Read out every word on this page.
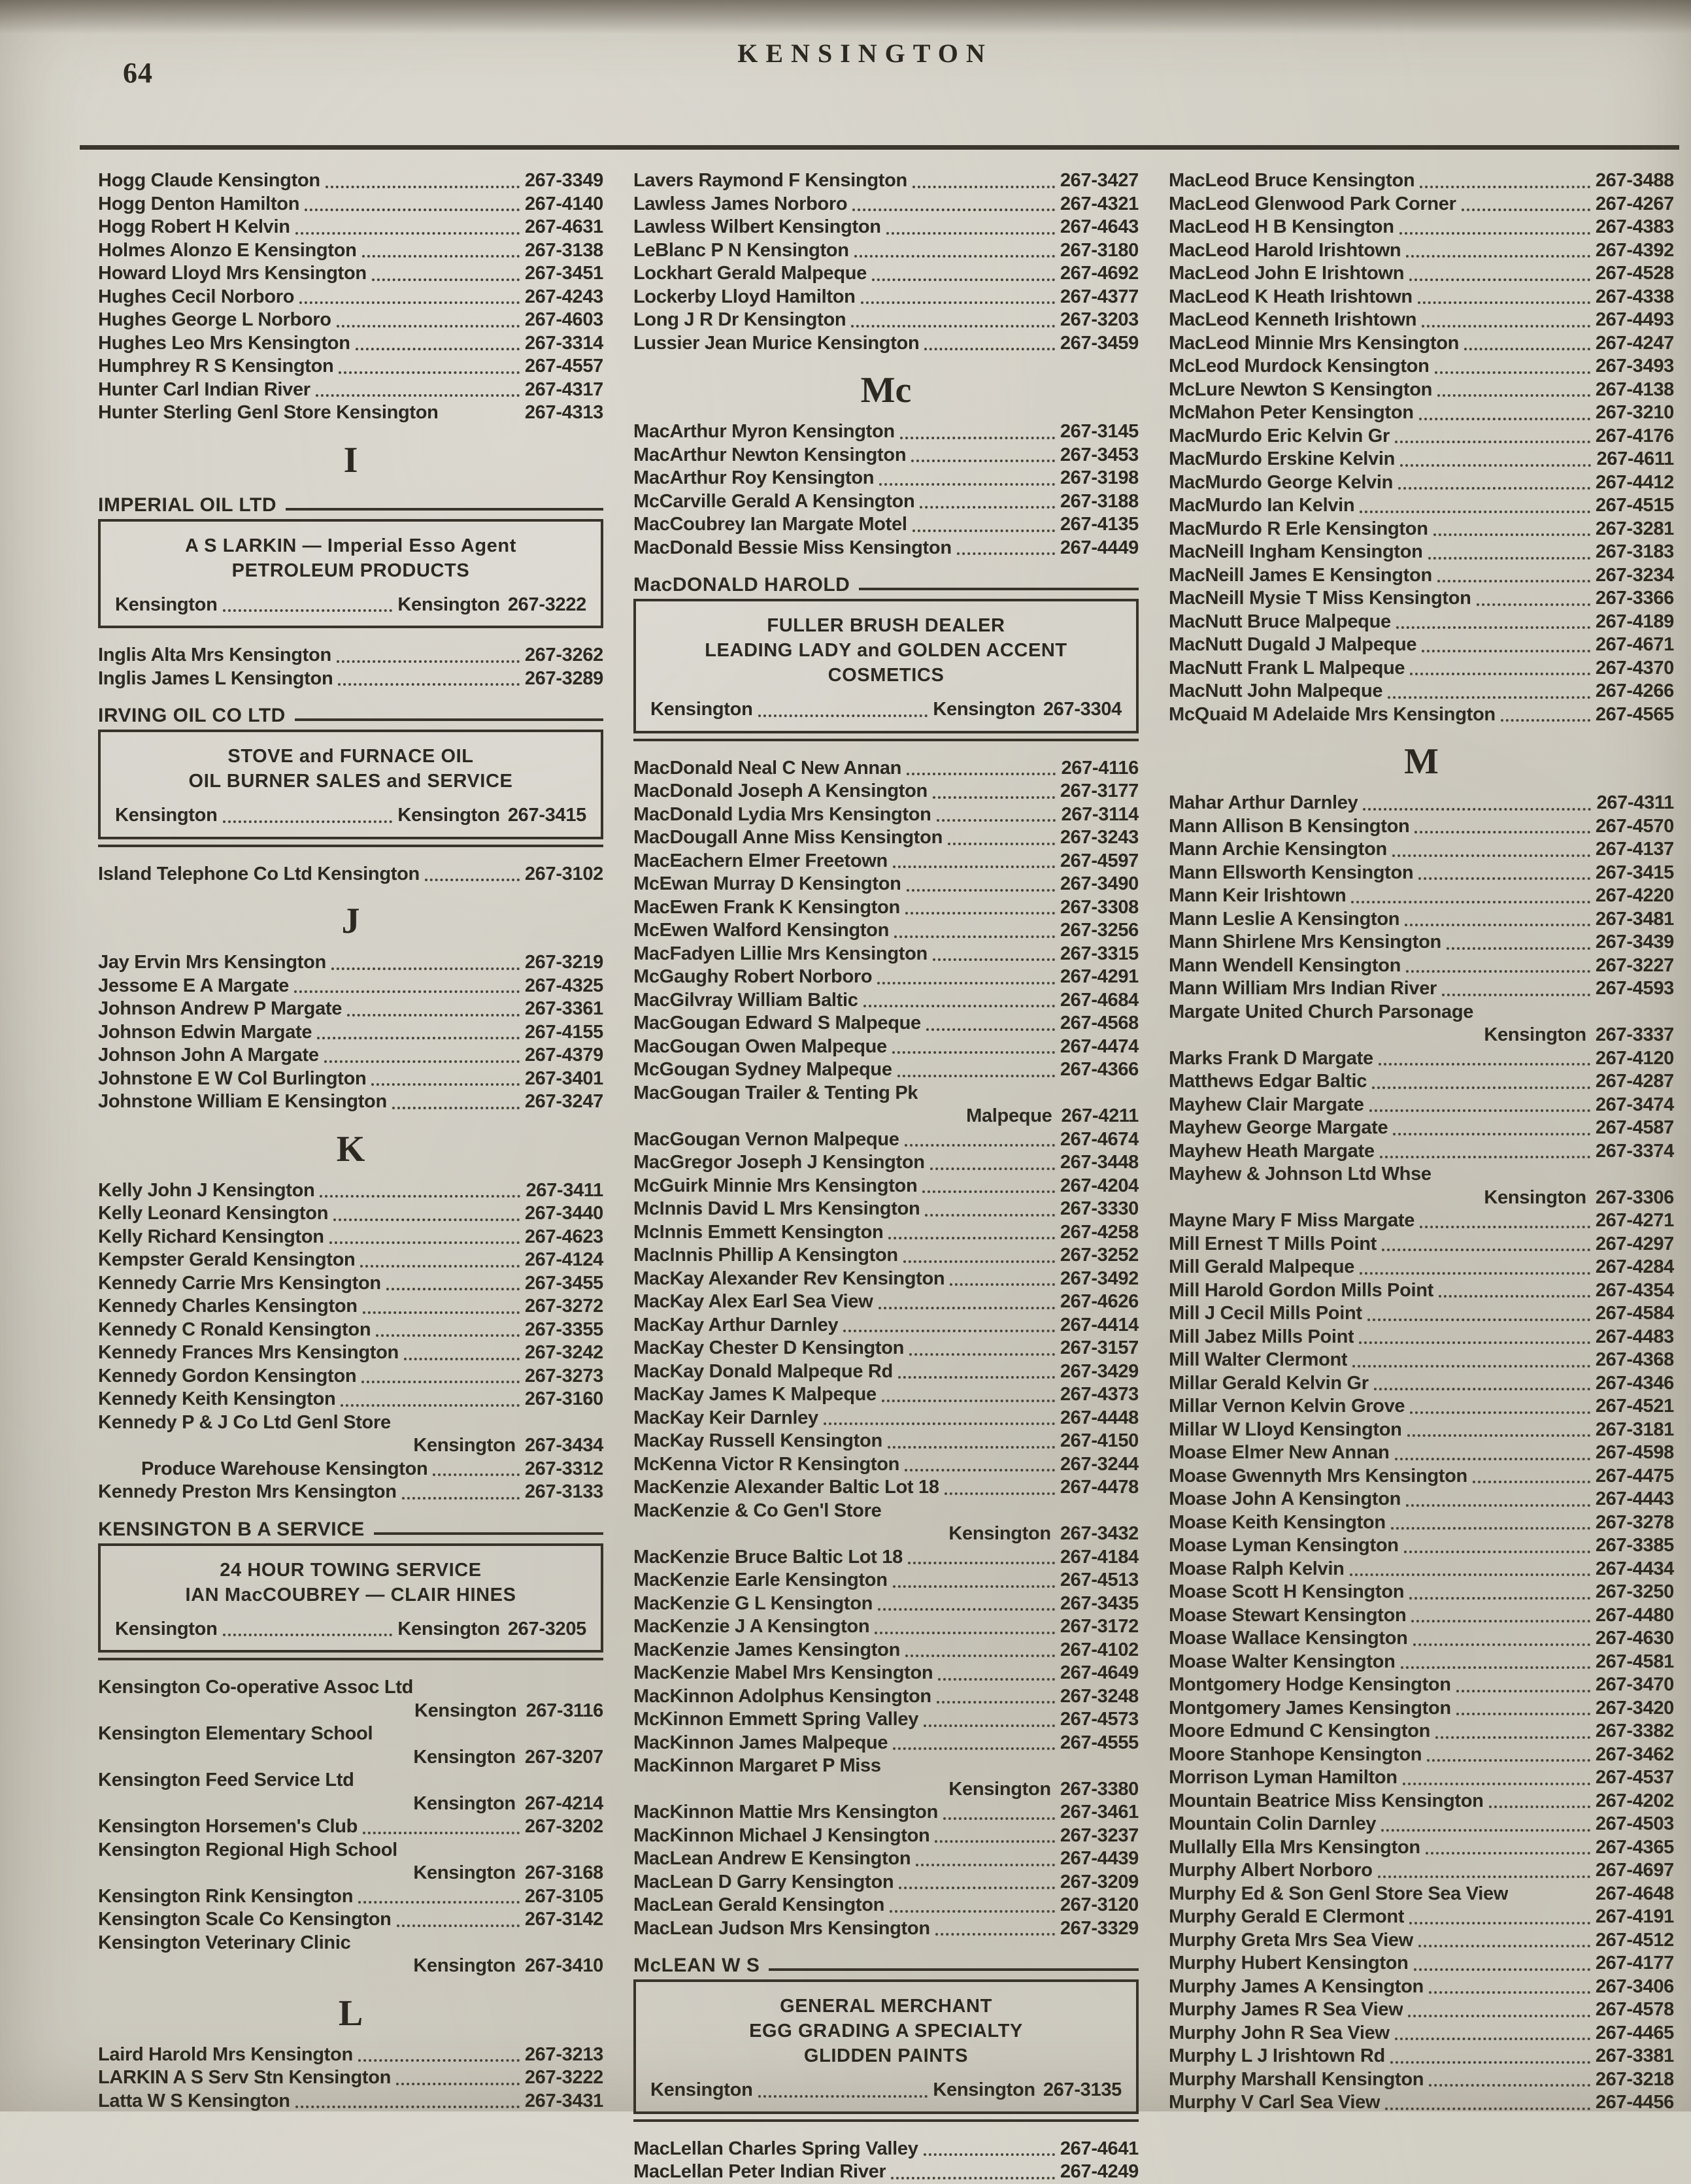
64
KENSINGTON
Hogg Claude Kensington	267-3349
Hogg Denton Hamilton	267-4140
Hogg Robert H Kelvin	267-4631
Holmes Alonzo E Kensington	267-3138
Howard Lloyd Mrs Kensington	267-3451
Hughes Cecil Norboro	267-4243
Hughes George L Norboro	267-4603
Hughes Leo Mrs Kensington	267-3314
Humphrey R S Kensington	267-4557
Hunter Carl Indian River	267-4317
Hunter Sterling Genl Store Kensington	267-4313
I
IMPERIAL OIL LTD
A S LARKIN — Imperial Esso Agent
PETROLEUM PRODUCTS
Kensington	Kensington 267-3222
Inglis Alta Mrs Kensington	267-3262
Inglis James L Kensington	267-3289
IRVING OIL CO LTD
STOVE and FURNACE OIL
OIL BURNER SALES and SERVICE
Kensington	Kensington 267-3415
Island Telephone Co Ltd Kensington	267-3102
J
Jay Ervin Mrs Kensington	267-3219
Jessome E A Margate	267-4325
Johnson Andrew P Margate	267-3361
Johnson Edwin Margate	267-4155
Johnson John A Margate	267-4379
Johnstone E W Col Burlington	267-3401
Johnstone William E Kensington	267-3247
K
Kelly John J Kensington	267-3411
Kelly Leonard Kensington	267-3440
Kelly Richard Kensington	267-4623
Kempster Gerald Kensington	267-4124
Kennedy Carrie Mrs Kensington	267-3455
Kennedy Charles Kensington	267-3272
Kennedy C Ronald Kensington	267-3355
Kennedy Frances Mrs Kensington	267-3242
Kennedy Gordon Kensington	267-3273
Kennedy Keith Kensington	267-3160
Kennedy P & J Co Ltd Genl Store
Kensington 267-3434
Produce Warehouse Kensington	267-3312
Kennedy Preston Mrs Kensington	267-3133
KENSINGTON B A SERVICE
24 HOUR TOWING SERVICE
IAN MacCOUBREY — CLAIR HINES
Kensington	Kensington 267-3205
Kensington Co-operative Assoc Ltd
Kensington 267-3116
Kensington Elementary School
Kensington 267-3207
Kensington Feed Service Ltd
Kensington 267-4214
Kensington Horsemen's Club	267-3202
Kensington Regional High School
Kensington 267-3168
Kensington Rink Kensington	267-3105
Kensington Scale Co Kensington	267-3142
Kensington Veterinary Clinic
Kensington 267-3410
L
Laird Harold Mrs Kensington	267-3213
LARKIN A S Serv Stn Kensington	267-3222
Latta W S Kensington	267-3431
Lavers Raymond F Kensington	267-3427
Lawless James Norboro	267-4321
Lawless Wilbert Kensington	267-4643
LeBlanc P N Kensington	267-3180
Lockhart Gerald Malpeque	267-4692
Lockerby Lloyd Hamilton	267-4377
Long J R Dr Kensington	267-3203
Lussier Jean Murice Kensington	267-3459
Mc
MacArthur Myron Kensington	267-3145
MacArthur Newton Kensington	267-3453
MacArthur Roy Kensington	267-3198
McCarville Gerald A Kensington	267-3188
MacCoubrey Ian Margate Motel	267-4135
MacDonald Bessie Miss Kensington	267-4449
MacDONALD HAROLD
FULLER BRUSH DEALER
LEADING LADY and GOLDEN ACCENT
COSMETICS
Kensington	Kensington 267-3304
MacDonald Neal C New Annan	267-4116
MacDonald Joseph A Kensington	267-3177
MacDonald Lydia Mrs Kensington	267-3114
MacDougall Anne Miss Kensington	267-3243
MacEachern Elmer Freetown	267-4597
McEwan Murray D Kensington	267-3490
MacEwen Frank K Kensington	267-3308
McEwen Walford Kensington	267-3256
MacFadyen Lillie Mrs Kensington	267-3315
McGaughy Robert Norboro	267-4291
MacGilvray William Baltic	267-4684
MacGougan Edward S Malpeque	267-4568
MacGougan Owen Malpeque	267-4474
McGougan Sydney Malpeque	267-4366
MacGougan Trailer & Tenting Pk
Malpeque 267-4211
MacGougan Vernon Malpeque	267-4674
MacGregor Joseph J Kensington	267-3448
McGuirk Minnie Mrs Kensington	267-4204
McInnis David L Mrs Kensington	267-3330
McInnis Emmett Kensington	267-4258
MacInnis Phillip A Kensington	267-3252
MacKay Alexander Rev Kensington	267-3492
MacKay Alex Earl Sea View	267-4626
MacKay Arthur Darnley	267-4414
MacKay Chester D Kensington	267-3157
MacKay Donald Malpeque Rd	267-3429
MacKay James K Malpeque	267-4373
MacKay Keir Darnley	267-4448
MacKay Russell Kensington	267-4150
McKenna Victor R Kensington	267-3244
MacKenzie Alexander Baltic Lot 18	267-4478
MacKenzie & Co Gen'l Store
Kensington 267-3432
MacKenzie Bruce Baltic Lot 18	267-4184
MacKenzie Earle Kensington	267-4513
MacKenzie G L Kensington	267-3435
MacKenzie J A Kensington	267-3172
MacKenzie James Kensington	267-4102
MacKenzie Mabel Mrs Kensington	267-4649
MacKinnon Adolphus Kensington	267-3248
McKinnon Emmett Spring Valley	267-4573
MacKinnon James Malpeque	267-4555
MacKinnon Margaret P Miss
Kensington 267-3380
MacKinnon Mattie Mrs Kensington	267-3461
MacKinnon Michael J Kensington	267-3237
MacLean Andrew E Kensington	267-4439
MacLean D Garry Kensington	267-3209
MacLean Gerald Kensington	267-3120
MacLean Judson Mrs Kensington	267-3329
McLEAN W S
GENERAL MERCHANT
EGG GRADING A SPECIALTY
GLIDDEN PAINTS
Kensington	Kensington 267-3135
MacLellan Charles Spring Valley	267-4641
MacLellan Peter Indian River	267-4249
MacLeod Bruce Kensington	267-3488
MacLeod Glenwood Park Corner	267-4267
MacLeod H B Kensington	267-4383
MacLeod Harold Irishtown	267-4392
MacLeod John E Irishtown	267-4528
MacLeod K Heath Irishtown	267-4338
MacLeod Kenneth Irishtown	267-4493
MacLeod Minnie Mrs Kensington	267-4247
McLeod Murdock Kensington	267-3493
McLure Newton S Kensington	267-4138
McMahon Peter Kensington	267-3210
MacMurdo Eric Kelvin Gr	267-4176
MacMurdo Erskine Kelvin	267-4611
MacMurdo George Kelvin	267-4412
MacMurdo Ian Kelvin	267-4515
MacMurdo R Erle Kensington	267-3281
MacNeill Ingham Kensington	267-3183
MacNeill James E Kensington	267-3234
MacNeill Mysie T Miss Kensington	267-3366
MacNutt Bruce Malpeque	267-4189
MacNutt Dugald J Malpeque	267-4671
MacNutt Frank L Malpeque	267-4370
MacNutt John Malpeque	267-4266
McQuaid M Adelaide Mrs Kensington	267-4565
M
Mahar Arthur Darnley	267-4311
Mann Allison B Kensington	267-4570
Mann Archie Kensington	267-4137
Mann Ellsworth Kensington	267-3415
Mann Keir Irishtown	267-4220
Mann Leslie A Kensington	267-3481
Mann Shirlene Mrs Kensington	267-3439
Mann Wendell Kensington	267-3227
Mann William Mrs Indian River	267-4593
Margate United Church Parsonage
Kensington 267-3337
Marks Frank D Margate	267-4120
Matthews Edgar Baltic	267-4287
Mayhew Clair Margate	267-3474
Mayhew George Margate	267-4587
Mayhew Heath Margate	267-3374
Mayhew & Johnson Ltd Whse
Kensington 267-3306
Mayne Mary F Miss Margate	267-4271
Mill Ernest T Mills Point	267-4297
Mill Gerald Malpeque	267-4284
Mill Harold Gordon Mills Point	267-4354
Mill J Cecil Mills Point	267-4584
Mill Jabez Mills Point	267-4483
Mill Walter Clermont	267-4368
Millar Gerald Kelvin Gr	267-4346
Millar Vernon Kelvin Grove	267-4521
Millar W Lloyd Kensington	267-3181
Moase Elmer New Annan	267-4598
Moase Gwennyth Mrs Kensington	267-4475
Moase John A Kensington	267-4443
Moase Keith Kensington	267-3278
Moase Lyman Kensington	267-3385
Moase Ralph Kelvin	267-4434
Moase Scott H Kensington	267-3250
Moase Stewart Kensington	267-4480
Moase Wallace Kensington	267-4630
Moase Walter Kensington	267-4581
Montgomery Hodge Kensington	267-3470
Montgomery James Kensington	267-3420
Moore Edmund C Kensington	267-3382
Moore Stanhope Kensington	267-3462
Morrison Lyman Hamilton	267-4537
Mountain Beatrice Miss Kensington	267-4202
Mountain Colin Darnley	267-4503
Mullally Ella Mrs Kensington	267-4365
Murphy Albert Norboro	267-4697
Murphy Ed & Son Genl Store Sea View	267-4648
Murphy Gerald E Clermont	267-4191
Murphy Greta Mrs Sea View	267-4512
Murphy Hubert Kensington	267-4177
Murphy James A Kensington	267-3406
Murphy James R Sea View	267-4578
Murphy John R Sea View	267-4465
Murphy L J Irishtown Rd	267-3381
Murphy Marshall Kensington	267-3218
Murphy V Carl Sea View	267-4456
